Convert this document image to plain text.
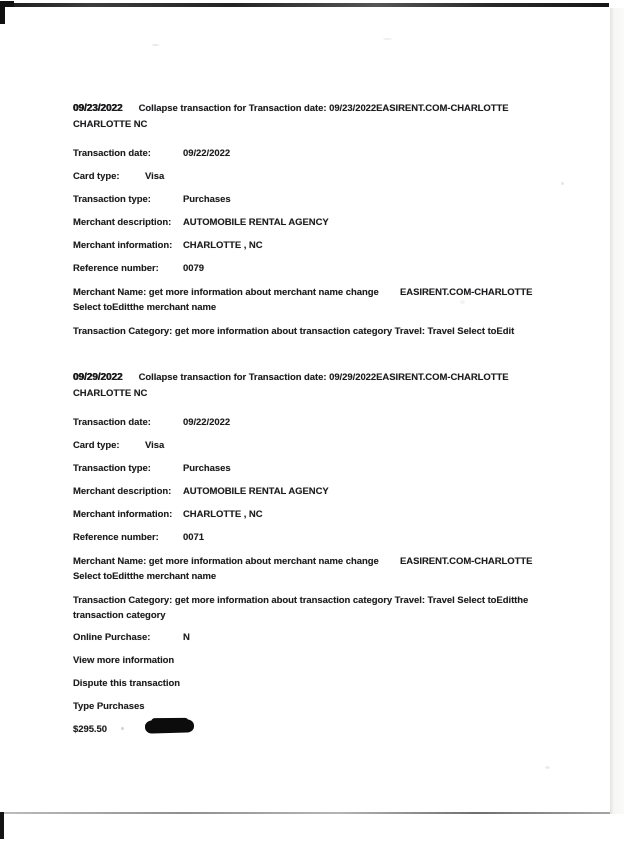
09/23/2022 Collapse transaction for Transaction date: 09/23/2022EASIRENT.COM-CHARLOTTE
CHARLOTTE NC
Transaction date:	09/22/2022
Card type:	Visa
Transaction type:	Purchases
Merchant description: AUTOMOBILE RENTAL AGENCY
Merchant information: CHARLOTTE , NC
Reference number:	0079
Merchant Name: get more information about merchant name change EASIRENT.COM-CHARLOTTE
Select toEditthe merchant name
Transaction Category: get more information about transaction category Travel: Travel Select toEdit
09/29/2022 Collapse transaction for Transaction date: 09/29/2022EASIRENT.COM-CHARLOTTE
CHARLOTTE NC
Transaction date:	09/22/2022
Card type:	Visa
Transaction type:	Purchases
Merchant description: AUTOMOBILE RENTAL AGENCY
Merchant information: CHARLOTTE , NC
Reference number:	0071
Merchant Name: get more information about merchant name change EASIRENT.COM-CHARLOTTE
Select toEditthe merchant name
Transaction Category: get more information about transaction category Travel: Travel Select toEditthe
transaction category
Online Purchase:	N
View more information
Dispute this transaction
Type Purchases
$295.50
